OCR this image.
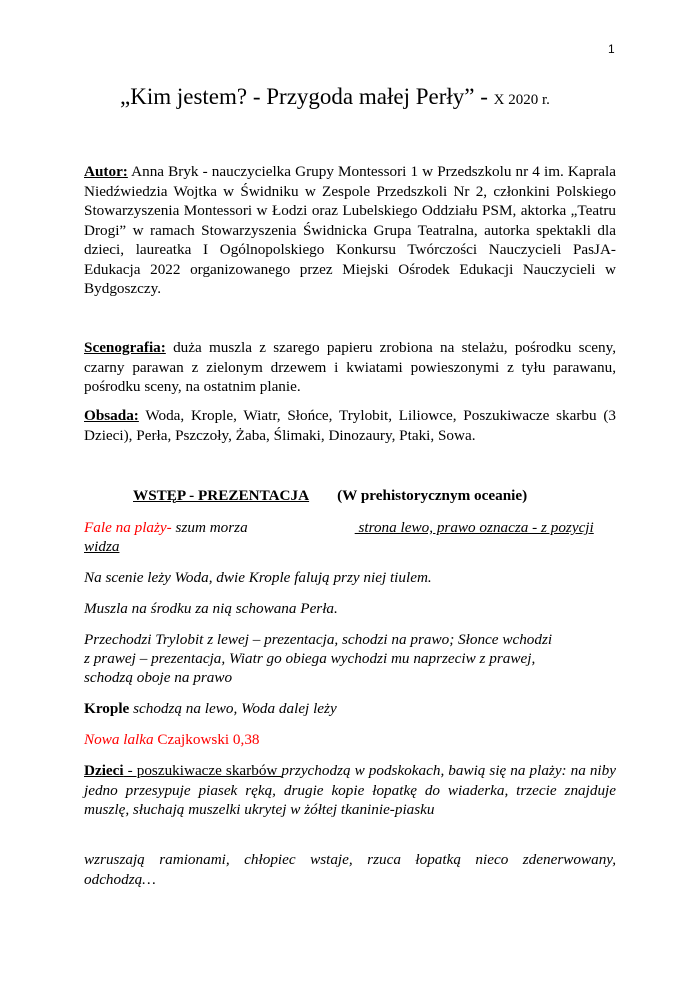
1
„Kim jestem? - Przygoda małej Perły” - X 2020 r.
Autor: Anna Bryk - nauczycielka Grupy Montessori 1 w Przedszkolu nr 4 im. Kaprala Niedźwiedzia Wojtka w Świdniku w Zespole Przedszkoli Nr 2, członkini Polskiego Stowarzyszenia Montessori w Łodzi oraz Lubelskiego Oddziału PSM, aktorka „Teatru Drogi” w ramach Stowarzyszenia Świdnicka Grupa Teatralna, autorka spektakli dla dzieci, laureatka I Ogólnopolskiego Konkursu Twórczości Nauczycieli PasJA-Edukacja 2022 organizowanego przez Miejski Ośrodek Edukacji Nauczycieli w Bydgoszczy.
Scenografia: duża muszla z szarego papieru zrobiona na stelażu, pośrodku sceny, czarny parawan z zielonym drzewem i kwiatami powieszonymi z tyłu parawanu, pośrodku sceny, na ostatnim planie.
Obsada: Woda, Krople, Wiatr, Słońce, Trylobit, Liliowce, Poszukiwacze skarbu (3 Dzieci), Perła, Pszczoły, Żaba, Ślimaki, Dinozaury, Ptaki, Sowa.
WSTĘP - PREZENTACJA (W prehistorycznym oceanie)
Fale na plaży- szum morza	strona lewo, prawo oznacza - z pozycji
widza
Na scenie leży Woda, dwie Krople falują przy niej tiulem.
Muszla na środku za nią schowana Perła.
Przechodzi Trylobit z lewej – prezentacja, schodzi na prawo; Słonce wchodzi
z prawej – prezentacja, Wiatr go obiega wychodzi mu naprzeciw z prawej,
schodzą oboje na prawo
Krople schodzą na lewo, Woda dalej leży
Nowa lalka Czajkowski 0,38
Dzieci - poszukiwacze skarbów przychodzą w podskokach, bawią się na plaży: na niby jedno przesypuje piasek ręką, drugie kopie łopatkę do wiaderka, trzecie znajduje muszlę, słuchają muszelki ukrytej w żółtej tkaninie-piasku
wzruszają ramionami, chłopiec wstaje, rzuca łopatką nieco zdenerwowany, odchodzą…
